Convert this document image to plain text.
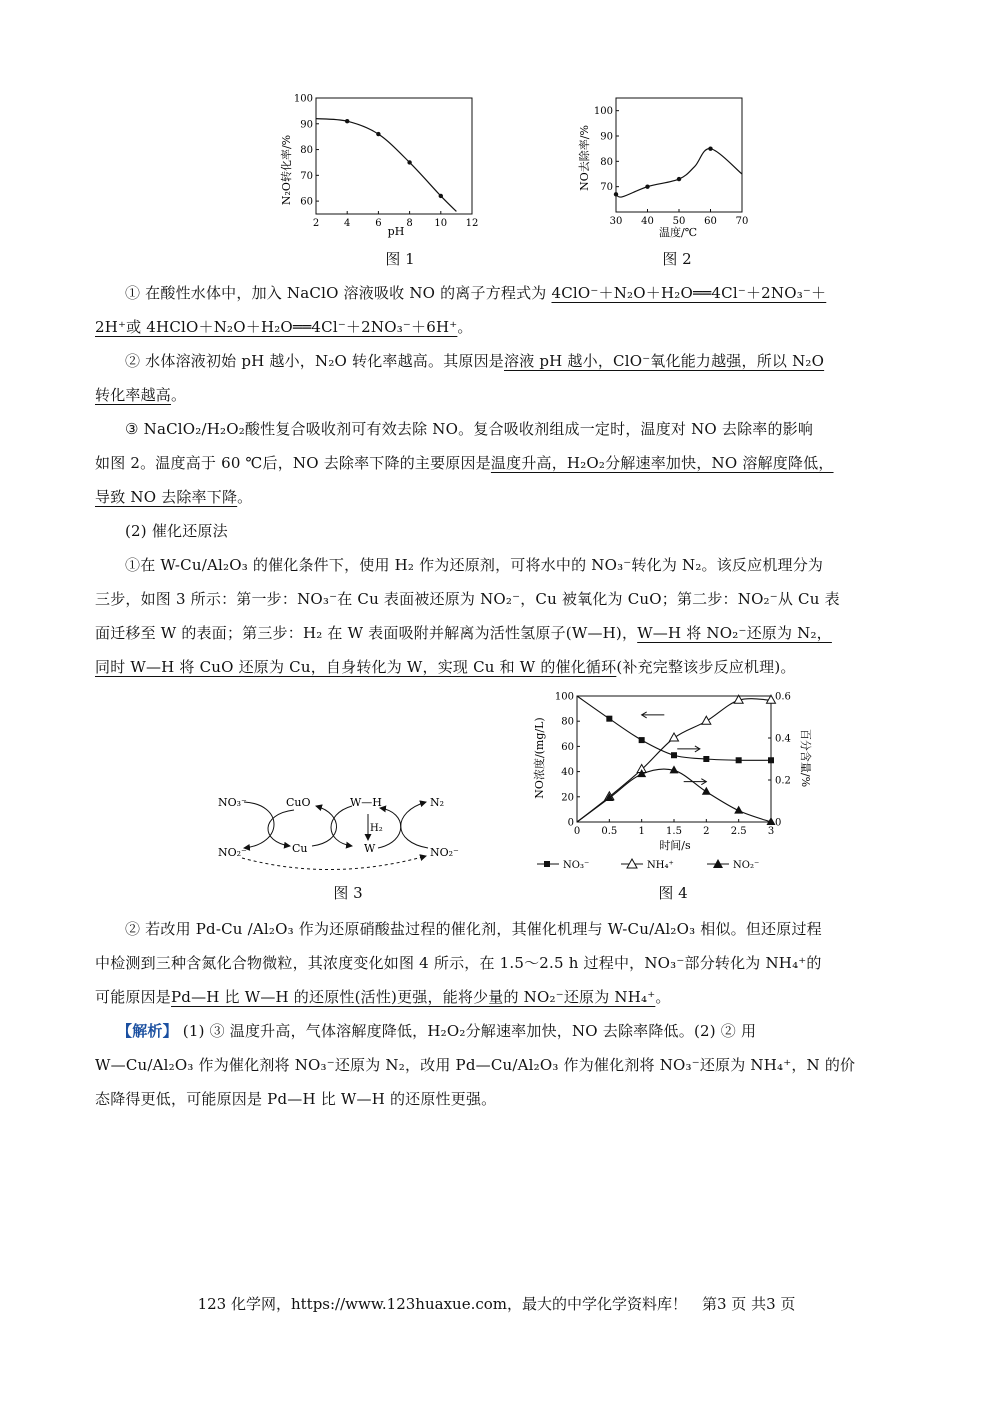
2 4 6 8 10 12
60
70
80
90
100
pH
N₂O转化率/%
图 1
30 40 50 60 70
70
80
90
100
温度/℃
NO去除率/%
图 2
① 在酸性水体中，加入 NaClO 溶液吸收 NO 的离子方程式为 4ClO⁻＋N₂O＋H₂O══4Cl⁻＋2NO₃⁻＋
2H⁺或 4HClO＋N₂O＋H₂O══4Cl⁻＋2NO₃⁻＋6H⁺。
② 水体溶液初始 pH 越小，N₂O 转化率越高。其原因是溶液 pH 越小，ClO⁻氧化能力越强，所以 N₂O
转化率越高。
③ NaClO₂/H₂O₂酸性复合吸收剂可有效去除 NO。复合吸收剂组成一定时，温度对 NO 去除率的影响
如图 2。温度高于 60 ℃后，NO 去除率下降的主要原因是温度升高，H₂O₂分解速率加快，NO 溶解度降低，
导致 NO 去除率下降。
(2) 催化还原法
①在 W-Cu/Al₂O₃ 的催化条件下，使用 H₂ 作为还原剂，可将水中的 NO₃⁻转化为 N₂。该反应机理分为
三步，如图 3 所示：第一步：NO₃⁻在 Cu 表面被还原为 NO₂⁻，Cu 被氧化为 CuO；第二步：NO₂⁻从 Cu 表
面迁移至 W 的表面；第三步：H₂ 在 W 表面吸附并解离为活性氢原子(W—H)，W—H 将 NO₂⁻还原为 N₂，
同时 W—H 将 CuO 还原为 Cu，自身转化为 W，实现 Cu 和 W 的催化循环(补充完整该步反应机理)。
NO₃⁻	CuO	W—H	N₂
NO₂⁻	Cu	W
H₂
NO₂⁻
图 3
0 0.5 1 1.5 2 2.5 3
0
20
40
60
80
100
0
0.2
0.4
0.6
时间/s
NO浓度/(mg/L)	百分含量/%
NO₃⁻	NH₄⁺	NO₂⁻
图 4
② 若改用 Pd-Cu /Al₂O₃ 作为还原硝酸盐过程的催化剂，其催化机理与 W-Cu/Al₂O₃ 相似。但还原过程
中检测到三种含氮化合物微粒，其浓度变化如图 4 所示，在 1.5～2.5 h 过程中，NO₃⁻部分转化为 NH₄⁺的
可能原因是Pd—H 比 W—H 的还原性(活性)更强，能将少量的 NO₂⁻还原为 NH₄⁺。
【解析】 (1) ③ 温度升高，气体溶解度降低，H₂O₂分解速率加快，NO 去除率降低。(2) ② 用
W—Cu/Al₂O₃ 作为催化剂将 NO₃⁻还原为 N₂，改用 Pd—Cu/Al₂O₃ 作为催化剂将 NO₃⁻还原为 NH₄⁺，N 的价
态降得更低，可能原因是 Pd—H 比 W—H 的还原性更强。
123 化学网，https://www.123huaxue.com，最大的中学化学资料库！　第3 页 共3 页
